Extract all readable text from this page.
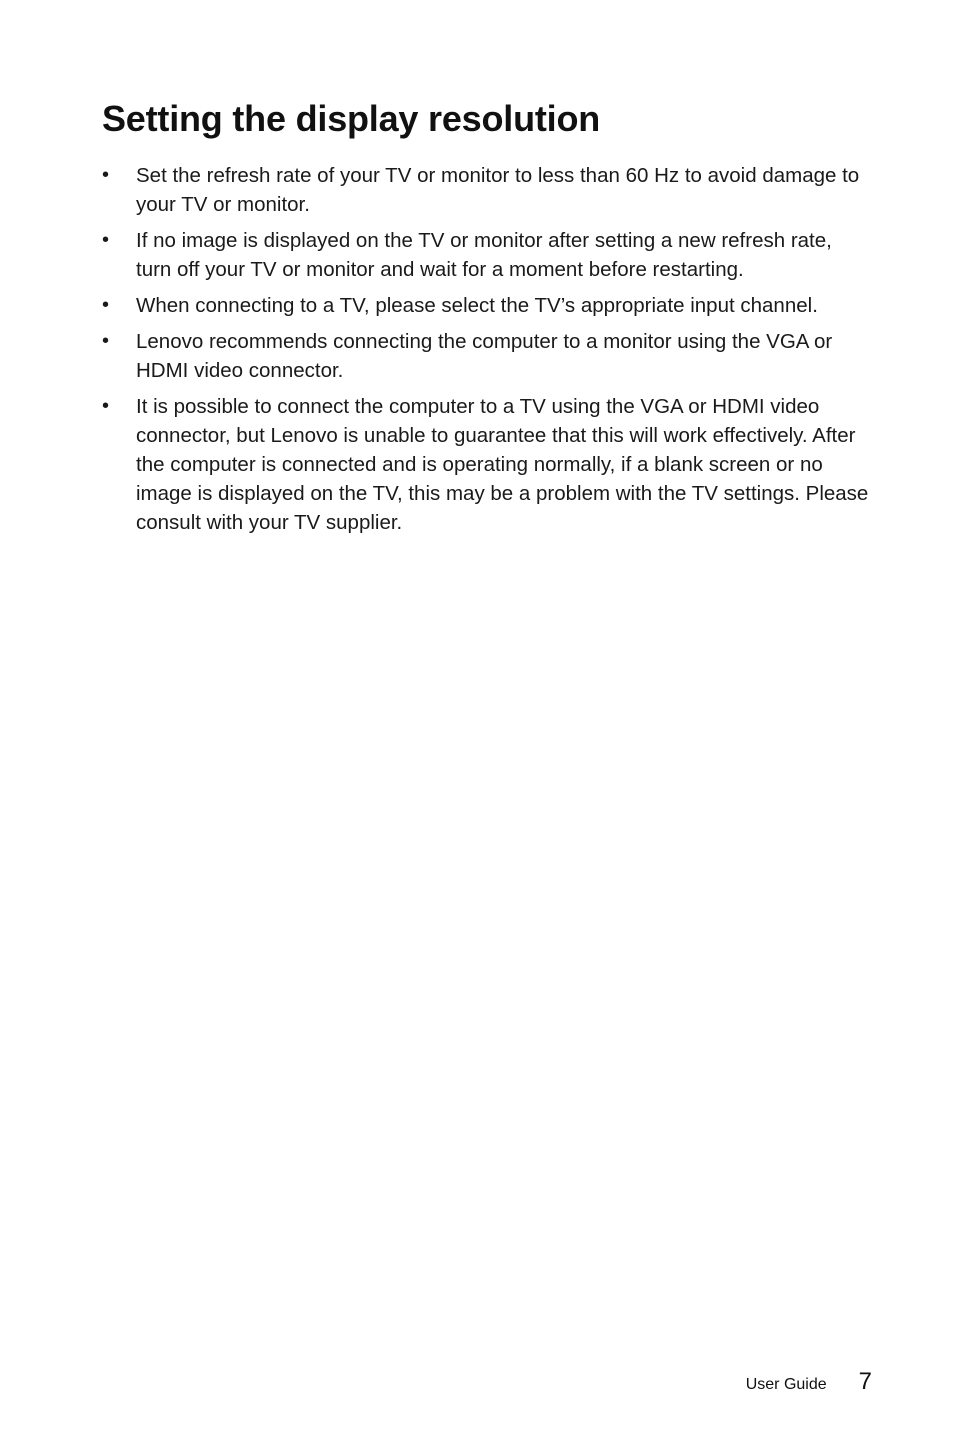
Setting the display resolution
•	Set the refresh rate of your TV or monitor to less than 60 Hz to avoid damage to your TV or monitor.
•	If no image is displayed on the TV or monitor after setting a new refresh rate, turn off your TV or monitor and wait for a moment before restarting.
•	When connecting to a TV, please select the TV’s appropriate input channel.
•	Lenovo recommends connecting the computer to a monitor using the VGA or HDMI video connector.
•	It is possible to connect the computer to a TV using the VGA or HDMI video connector, but Lenovo is unable to guarantee that this will work effectively. After the computer is connected and is operating normally, if a blank screen or no image is displayed on the TV, this may be a problem with the TV settings. Please consult with your TV supplier.
User Guide 7
